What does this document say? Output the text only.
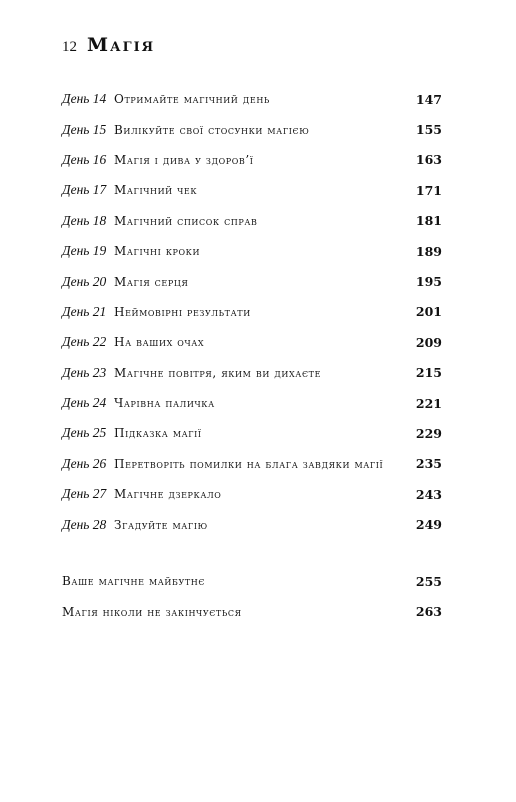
12 Магія
День 14 Отримайте магічний день	147
День 15 Вилікуйте свої стосунки магією	155
День 16 Магія і дива у здоров’ї	163
День 17 Магічний чек	171
День 18 Магічний список справ	181
День 19 Магічні кроки	189
День 20 Магія серця	195
День 21 Неймовірні результати	201
День 22 На ваших очах	209
День 23 Магічне повітря, яким ви дихаєте	215
День 24 Чарівна паличка	221
День 25 Підказка магії	229
День 26 Перетворіть помилки на блага завдяки магії	235
День 27 Магічне дзеркало	243
День 28 Згадуйте магію	249
Ваше магічне майбутнє	255
Магія ніколи не закінчується	263
